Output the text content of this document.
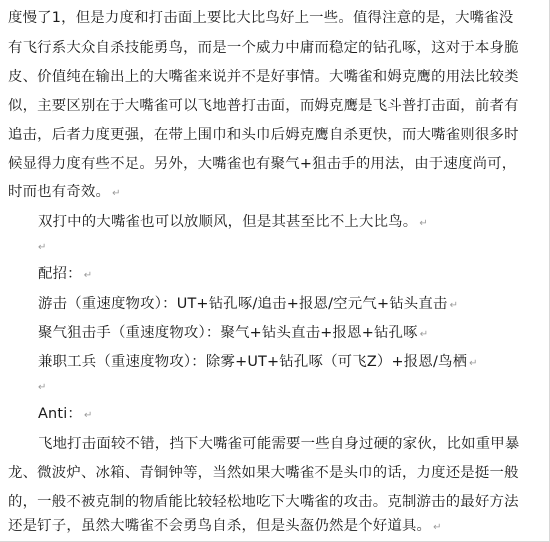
度慢了1，但是力度和打击面上要比大比鸟好上一些。值得注意的是，大嘴雀没
有飞行系大众自杀技能勇鸟，而是一个威力中庸而稳定的钻孔啄，这对于本身脆
皮、价值纯在输出上的大嘴雀来说并不是好事情。大嘴雀和姆克鹰的用法比较类
似，主要区别在于大嘴雀可以飞地普打击面，而姆克鹰是飞斗普打击面，前者有
追击，后者力度更强，在带上围巾和头巾后姆克鹰自杀更快，而大嘴雀则很多时
候显得力度有些不足。另外，大嘴雀也有聚气+狙击手的用法，由于速度尚可，
时而也有奇效。 ↵
双打中的大嘴雀也可以放顺风，但是其甚至比不上大比鸟。 ↵
↵
配招： ↵
游击（重速度物攻）：UT+钻孔啄/追击+报恩/空元气+钻头直击 ↵
聚气狙击手（重速度物攻）：聚气+钻头直击+报恩+钻孔啄 ↵
兼职工兵（重速度物攻）：除雾+UT+钻孔啄（可飞Z）+报恩/鸟栖 ↵
↵
Anti： ↵
飞地打击面较不错，挡下大嘴雀可能需要一些自身过硬的家伙，比如重甲暴
龙、微波炉、冰箱、青铜钟等，当然如果大嘴雀不是头巾的话，力度还是挺一般
的，一般不被克制的物盾能比较轻松地吃下大嘴雀的攻击。克制游击的最好方法
还是钉子，虽然大嘴雀不会勇鸟自杀，但是头盔仍然是个好道具。 ↵
